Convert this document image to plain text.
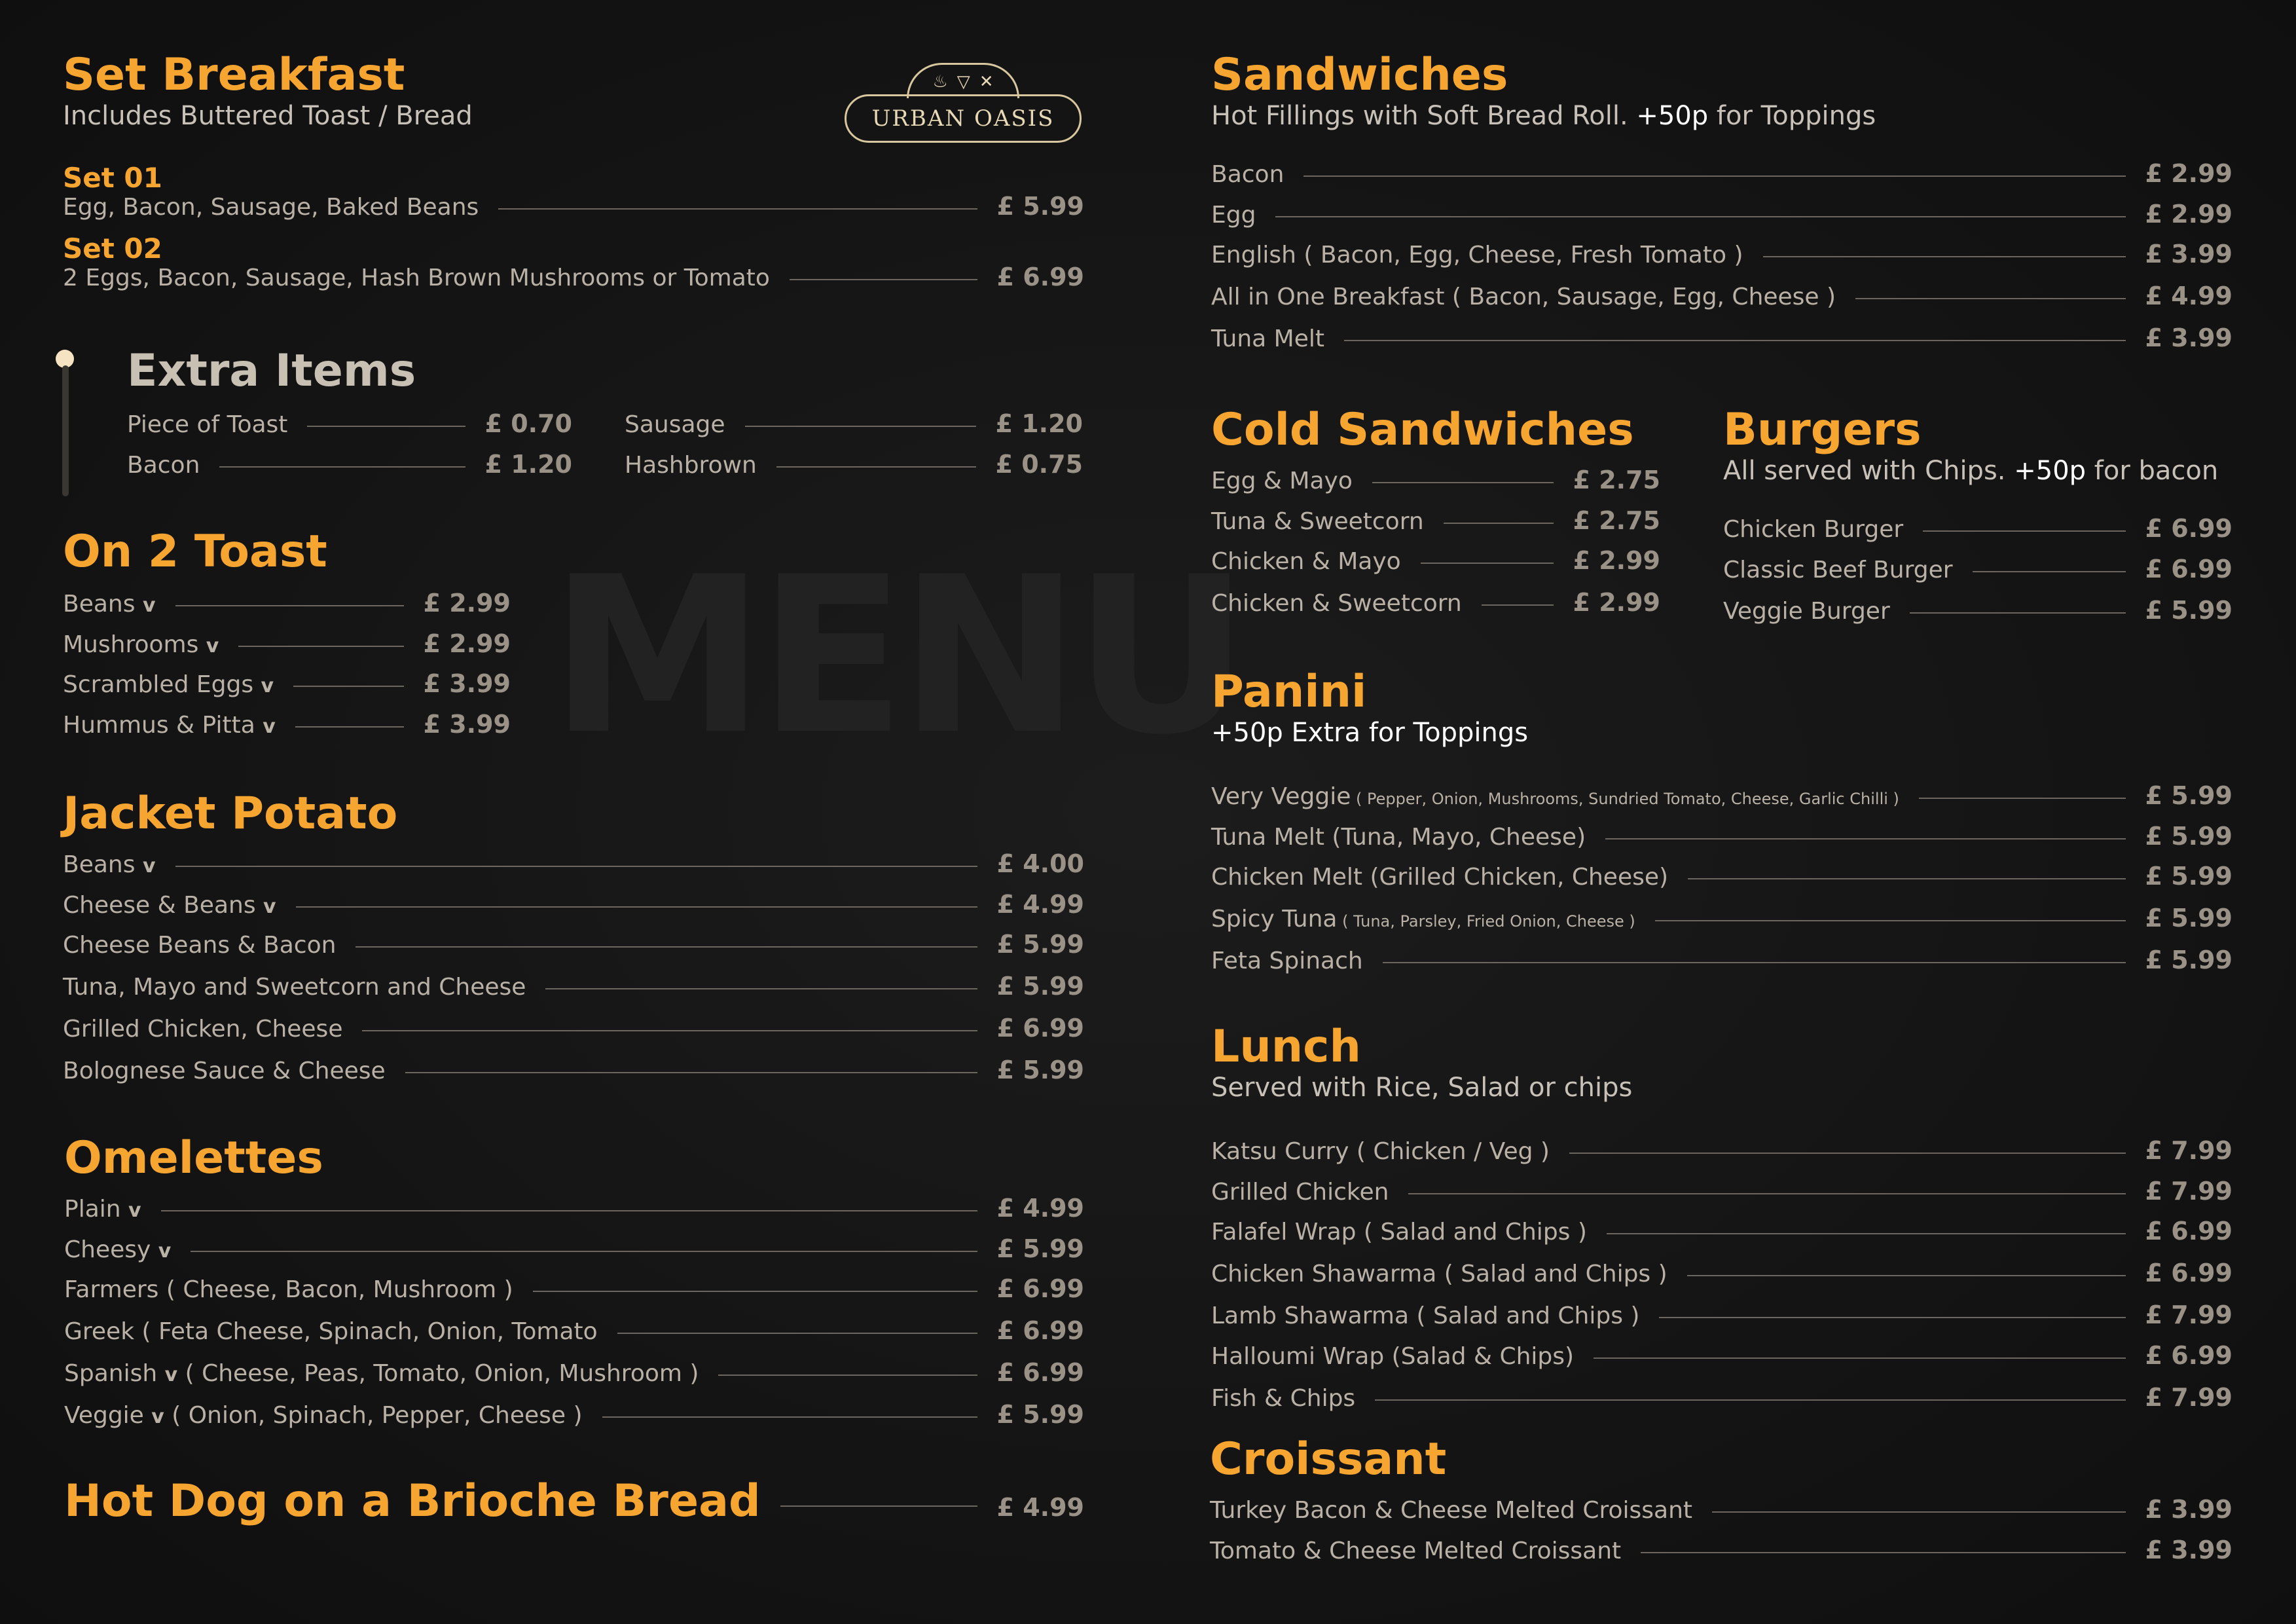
MENU
♨ ▽ ✕
URBAN OASIS
Set Breakfast

Includes Buttered Toast / Bread

Set 01
Egg, Bacon, Sausage, Baked Beans	£ 5.99
Set 02
2 Eggs, Bacon, Sausage, Hash Brown Mushrooms or Tomato	£ 6.99
Extra Items
Piece of Toast	£ 0.70
Bacon	£ 1.20
Sausage	£ 1.20
Hashbrown	£ 0.75
On 2 Toast
Beans v	£ 2.99
Mushrooms v	£ 2.99
Scrambled Eggs v	£ 3.99
Hummus & Pitta v	£ 3.99
Jacket Potato
Beans v	£ 4.00
Cheese & Beans v	£ 4.99
Cheese Beans & Bacon	£ 5.99
Tuna, Mayo and Sweetcorn and Cheese	£ 5.99
Grilled Chicken, Cheese	£ 6.99
Bolognese Sauce & Cheese	£ 5.99
Omelettes
Plain v	£ 4.99
Cheesy v	£ 5.99
Farmers ( Cheese, Bacon, Mushroom )	£ 6.99
Greek ( Feta Cheese, Spinach, Onion, Tomato	£ 6.99
Spanish v ( Cheese, Peas, Tomato, Onion, Mushroom )	£ 6.99
Veggie v ( Onion, Spinach, Pepper, Cheese )	£ 5.99
Hot Dog on a Brioche Bread	£ 4.99
Sandwiches

Hot Fillings with Soft Bread Roll. +50p for Toppings

Bacon	£ 2.99
Egg	£ 2.99
English ( Bacon, Egg, Cheese, Fresh Tomato )	£ 3.99
All in One Breakfast ( Bacon, Sausage, Egg, Cheese )	£ 4.99
Tuna Melt	£ 3.99
Cold Sandwiches
Egg & Mayo	£ 2.75
Tuna & Sweetcorn	£ 2.75
Chicken & Mayo	£ 2.99
Chicken & Sweetcorn	£ 2.99
Burgers

All served with Chips. +50p for bacon

Chicken Burger	£ 6.99
Classic Beef Burger	£ 6.99
Veggie Burger	£ 5.99
Panini

+50p Extra for Toppings

Very Veggie ( Pepper, Onion, Mushrooms, Sundried Tomato, Cheese, Garlic Chilli )	£ 5.99
Tuna Melt (Tuna, Mayo, Cheese)	£ 5.99
Chicken Melt (Grilled Chicken, Cheese)	£ 5.99
Spicy Tuna ( Tuna, Parsley, Fried Onion, Cheese )	£ 5.99
Feta Spinach	£ 5.99
Lunch

Served with Rice, Salad or chips

Katsu Curry ( Chicken / Veg )	£ 7.99
Grilled Chicken	£ 7.99
Falafel Wrap ( Salad and Chips )	£ 6.99
Chicken Shawarma ( Salad and Chips )	£ 6.99
Lamb Shawarma ( Salad and Chips )	£ 7.99
Halloumi Wrap (Salad & Chips)	£ 6.99
Fish & Chips	£ 7.99
Croissant
Turkey Bacon & Cheese Melted Croissant	£ 3.99
Tomato & Cheese Melted Croissant	£ 3.99
